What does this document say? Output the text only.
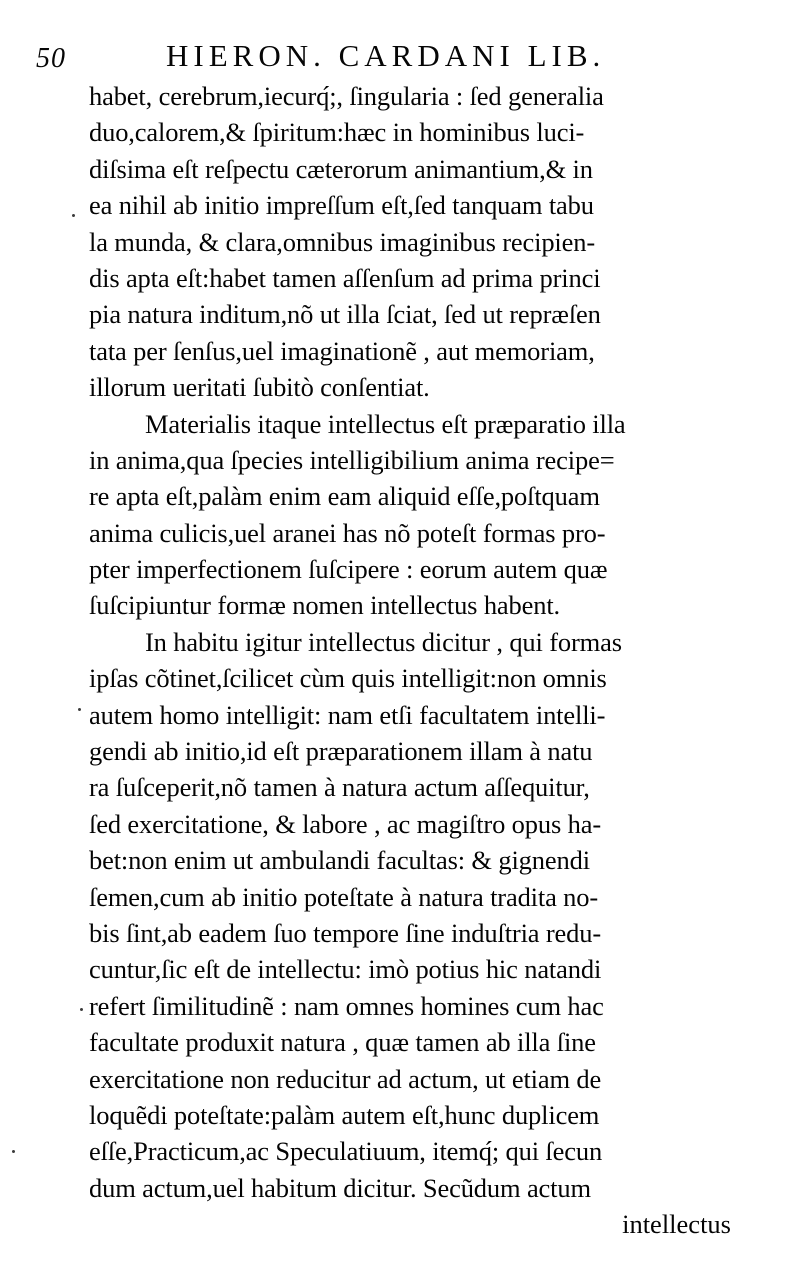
50	HIERON. CARDANI LIB.
habet, cerebrum,iecurq́;, ſingularia : ſed generalia
duo,calorem,& ſpiritum:hæc in hominibus luci-
diſsima eſt reſpectu cæterorum animantium,& in
ea nihil ab initio impreſſum eſt,ſed tanquam tabu
la munda, & clara,omnibus imaginibus recipien-
dis apta eſt:habet tamen aſſenſum ad prima princi
pia natura inditum,nõ ut illa ſciat, ſed ut repræſen
tata per ſenſus,uel imaginationẽ , aut memoriam,
illorum ueritati ſubitò conſentiat.
Materialis itaque intellectus eſt præparatio illa
in anima,qua ſpecies intelligibilium anima recipe=
re apta eſt,palàm enim eam aliquid eſſe,poſtquam
anima culicis,uel aranei has nõ poteſt formas pro-
pter imperfectionem ſuſcipere : eorum autem quæ
ſuſcipiuntur formæ nomen intellectus habent.
In habitu igitur intellectus dicitur , qui formas
ipſas cõtinet,ſcilicet cùm quis intelligit:non omnis
autem homo intelligit: nam etſi facultatem intelli-
gendi ab initio,id eſt præparationem illam à natu
ra ſuſceperit,nõ tamen à natura actum aſſequitur,
ſed exercitatione, & labore , ac magiſtro opus ha-
bet:non enim ut ambulandi facultas: & gignendi
ſemen,cum ab initio poteſtate à natura tradita no-
bis ſint,ab eadem ſuo tempore ſine induſtria redu-
cuntur,ſic eſt de intellectu: imò potius hic natandi
refert ſimilitudinẽ : nam omnes homines cum hac
facultate produxit natura , quæ tamen ab illa ſine
exercitatione non reducitur ad actum, ut etiam de
loquẽdi poteſtate:palàm autem eſt,hunc duplicem
eſſe,Practicum,ac Speculatiuum, itemq́; qui ſecun
dum actum,uel habitum dicitur. Secũdum actum
intellectus
